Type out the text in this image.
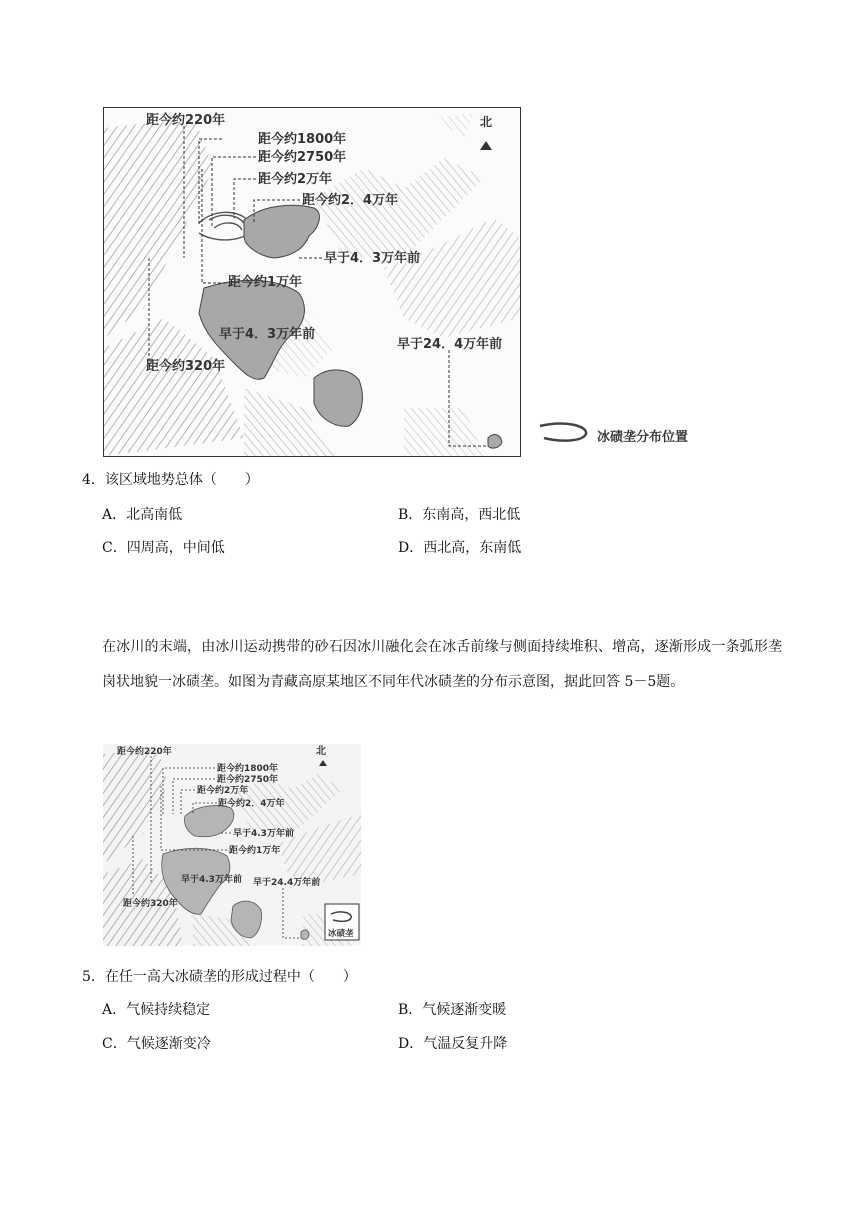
北
距今约220年
距今约1800年
距今约2750年
距今约2万年
距今约2．4万年
早于4．3万年前
距今约1万年
早于4．3万年前
早于24．4万年前
距今约320年
冰碛垄分布位置
4．该区域地势总体（　　）
A．北高南低	B．东南高，西北低
C．四周高，中间低	D．西北高，东南低
在冰川的末端，由冰川运动携带的砂石因冰川融化会在冰舌前缘与侧面持续堆积、增高，逐渐形成一条弧形垄岗状地貌一冰碛垄。如图为青藏高原某地区不同年代冰碛垄的分布示意图，据此回答 5－5题。
北
距今约220年
距今约1800年
距今约2750年
距今约2万年
距今约2．4万年
早于4.3万年前
距今约1万年
早于4.3万年前 早于24.4万年前
距今约320年
冰碛垄
5．在任一高大冰碛垄的形成过程中（　　）
A．气候持续稳定	B．气候逐渐变暖
C．气候逐渐变冷	D．气温反复升降
